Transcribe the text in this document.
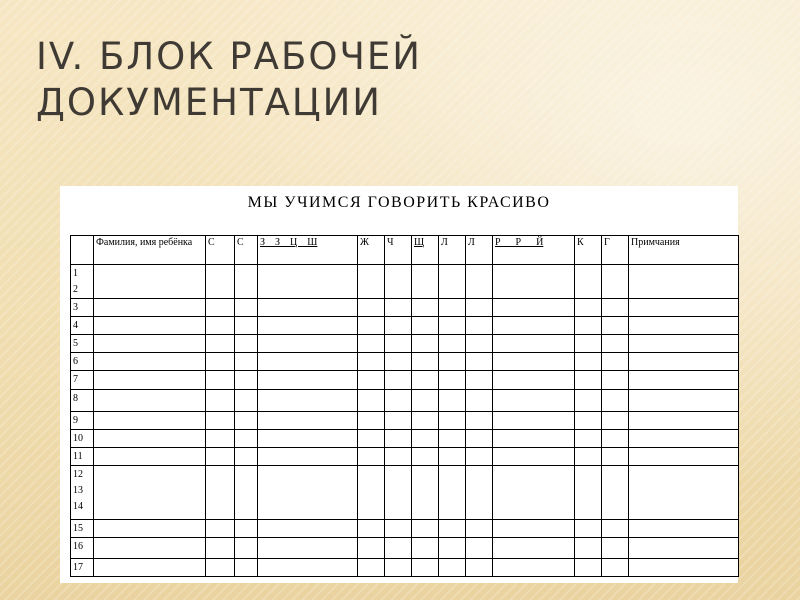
IV. БЛОК РАБОЧЕЙ
ДОКУМЕНТАЦИИ
МЫ УЧИМСЯ ГОВОРИТЬ КРАСИВО
	Фамилия, имя ребёнка	С	С	З    З    Ц    Ш	Ж	Ч	Щ	Л	Л	Р      Р      Й	К	Г	Примчания

1
2													

3													

4													

5													

6													

7													

8													

9													

10													

11													

12
13
14													

15													

16													

17													
